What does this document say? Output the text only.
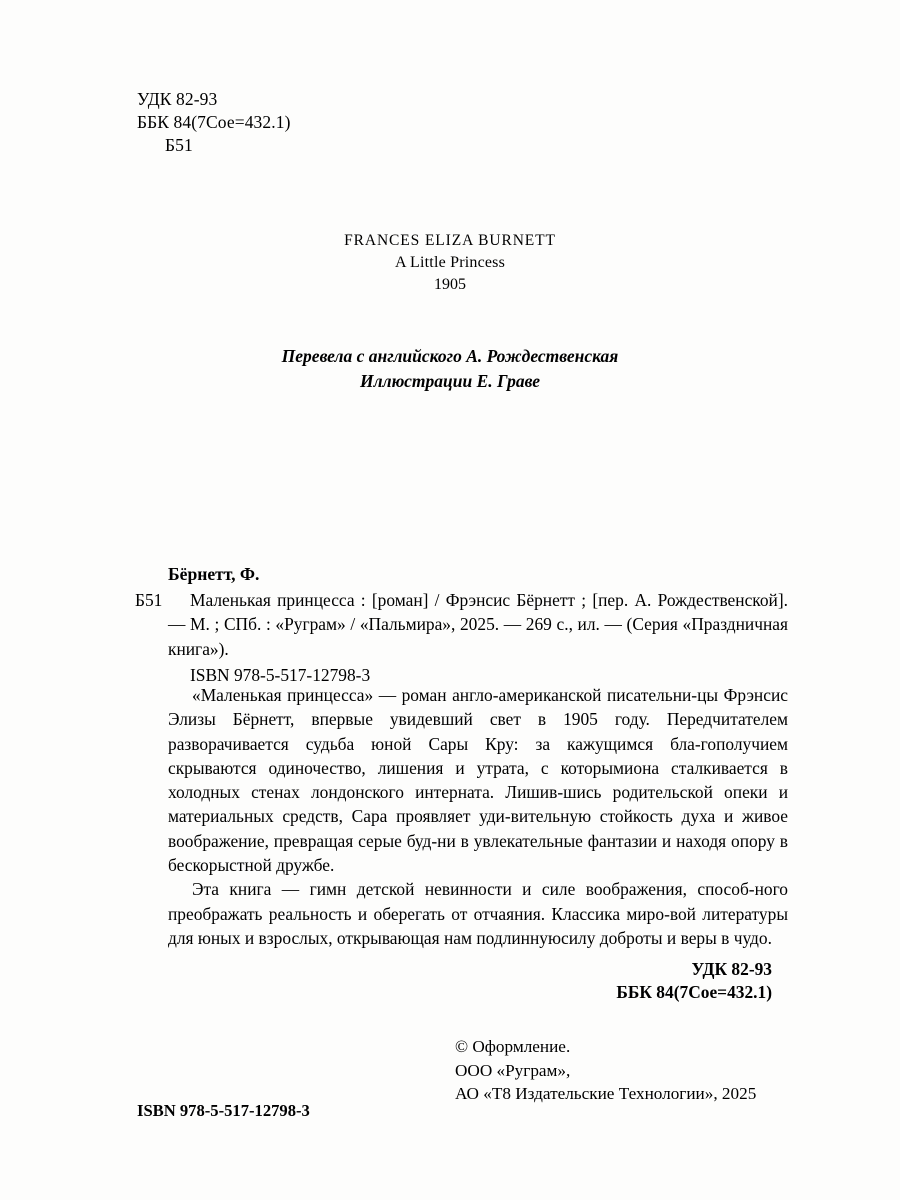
УДК 82-93
ББК 84(7Сое=432.1)
Б51
FRANCES ELIZA BURNETT
A Little Princess
1905
Перевела с английского А. Рождественская
Иллюстрации Е. Граве
Бёрнетт, Ф.
Б51 Маленькая принцесса : [роман] / Фрэнсис Бёрнетт ; [пер. А. Рождественской]. — М. ; СПб. : «Руграм» / «Пальмира», 2025. — 269 с., ил. — (Серия «Праздничная книга»).
ISBN 978-5-517-12798-3

«Маленькая принцесса» — роман англо-американской писательни-цы Фрэнсис Элизы Бёрнетт, впервые увидевший свет в 1905 году. Передчитателем разворачивается судьба юной Сары Кру: за кажущимся бла-гополучием скрываются одиночество, лишения и утрата, с которымиона сталкивается в холодных стенах лондонского интерната. Лишив-шись родительской опеки и материальных средств, Сара проявляет уди-вительную стойкость духа и живое воображение, превращая серые буд-ни в увлекательные фантазии и находя опору в бескорыстной дружбе.

Эта книга — гимн детской невинности и силе воображения, способ-ного преображать реальность и оберегать от отчаяния. Классика миро-вой литературы для юных и взрослых, открывающая нам подлиннуюсилу доброты и веры в чудо.

УДК 82-93
ББК 84(7Сое=432.1)
© Оформление.
ООО «Руграм»,
АО «Т8 Издательские Технологии», 2025
ISBN 978-5-517-12798-3
